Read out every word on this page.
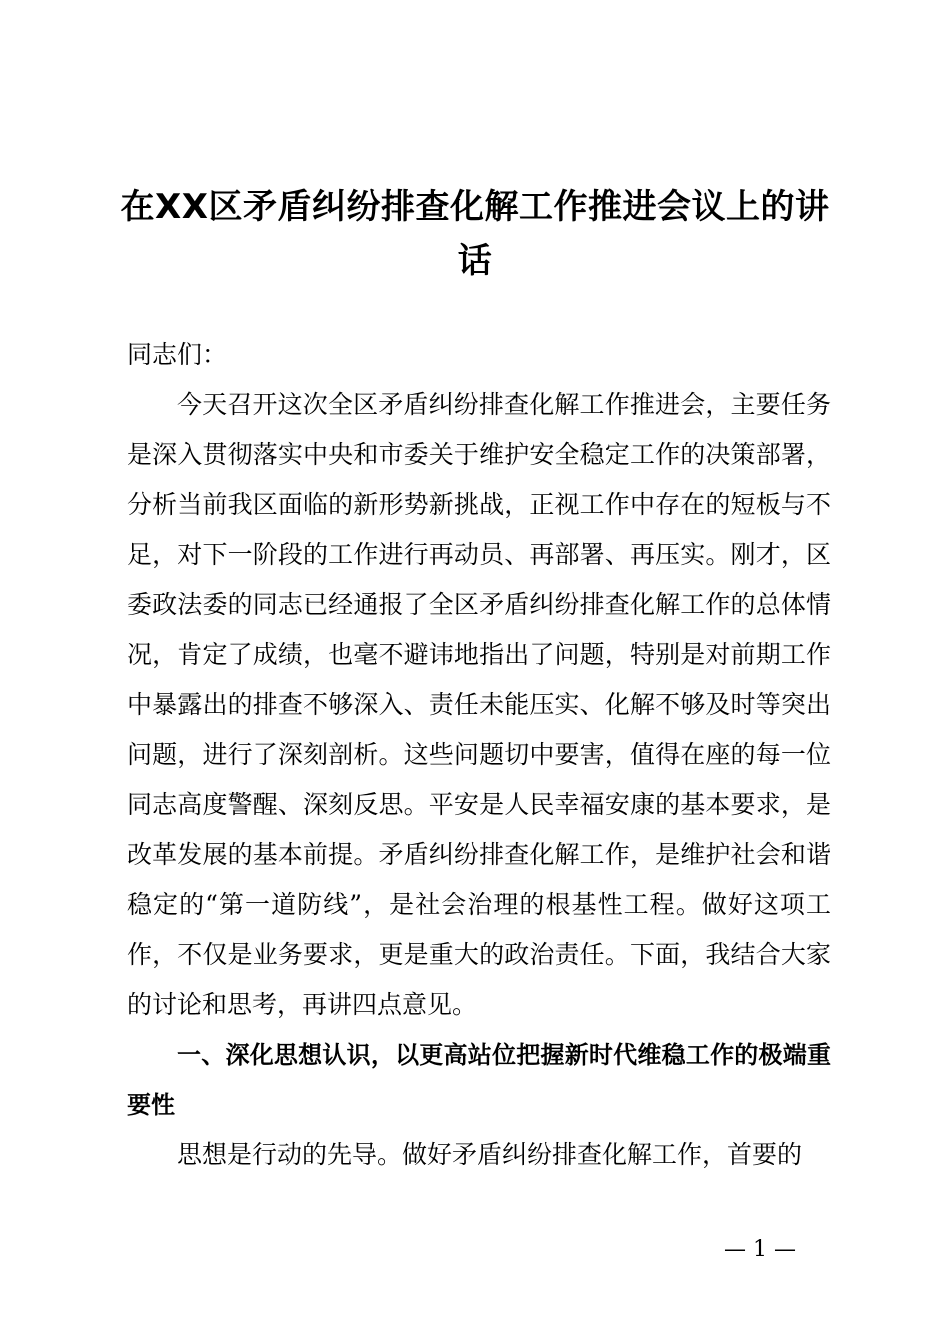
在XX区矛盾纠纷排查化解工作推进会议上的讲话

同志们：

今天召开这次全区矛盾纠纷排查化解工作推进会，主要任务是深入贯彻落实中央和市委关于维护安全稳定工作的决策部署，分析当前我区面临的新形势新挑战，正视工作中存在的短板与不足，对下一阶段的工作进行再动员、再部署、再压实。刚才，区委政法委的同志已经通报了全区矛盾纠纷排查化解工作的总体情况，肯定了成绩，也毫不避讳地指出了问题，特别是对前期工作中暴露出的排查不够深入、责任未能压实、化解不够及时等突出问题，进行了深刻剖析。这些问题切中要害，值得在座的每一位同志高度警醒、深刻反思。平安是人民幸福安康的基本要求，是改革发展的基本前提。矛盾纠纷排查化解工作，是维护社会和谐稳定的“第一道防线”，是社会治理的根基性工程。做好这项工作，不仅是业务要求，更是重大的政治责任。下面，我结合大家的讨论和思考，再讲四点意见。

一、深化思想认识，以更高站位把握新时代维稳工作的极端重要性

思想是行动的先导。做好矛盾纠纷排查化解工作，首要的

— 1 —
